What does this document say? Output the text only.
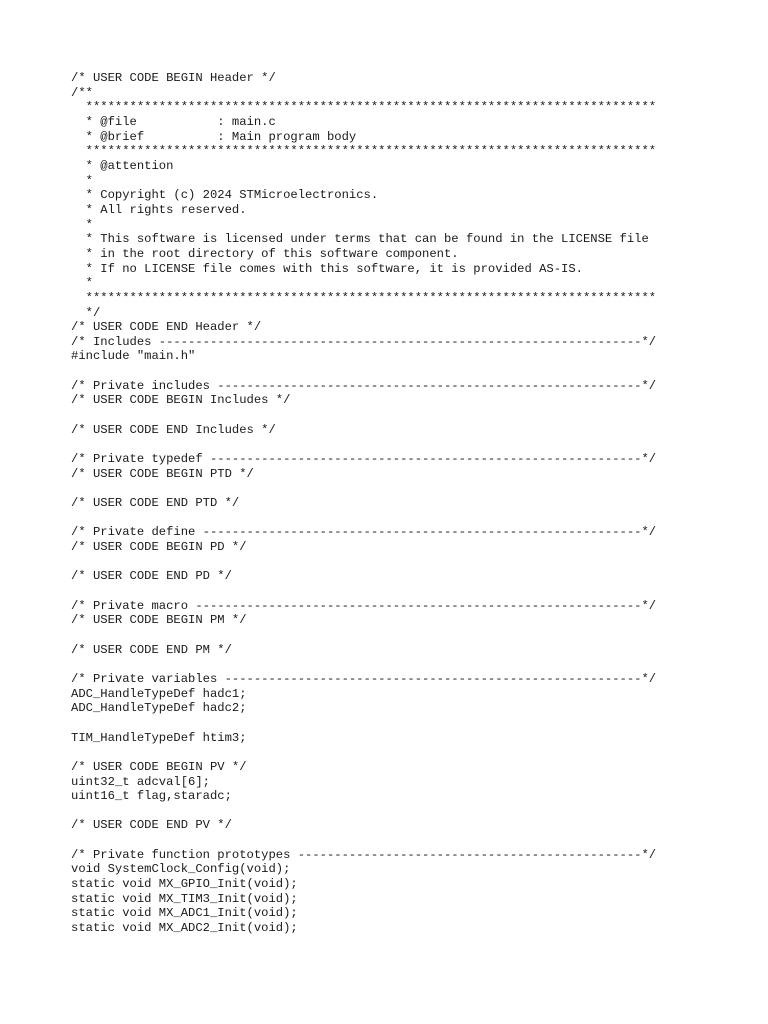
/* USER CODE BEGIN Header */
/**
******************************************************************************
* @file           : main.c
* @brief          : Main program body
******************************************************************************
* @attention
*
* Copyright (c) 2024 STMicroelectronics.
* All rights reserved.
*
* This software is licensed under terms that can be found in the LICENSE file
* in the root directory of this software component.
* If no LICENSE file comes with this software, it is provided AS-IS.
*
******************************************************************************
*/
/* USER CODE END Header */
/* Includes ------------------------------------------------------------------*/
#include "main.h"
/* Private includes ----------------------------------------------------------*/
/* USER CODE BEGIN Includes */
/* USER CODE END Includes */
/* Private typedef -----------------------------------------------------------*/
/* USER CODE BEGIN PTD */
/* USER CODE END PTD */
/* Private define ------------------------------------------------------------*/
/* USER CODE BEGIN PD */
/* USER CODE END PD */
/* Private macro -------------------------------------------------------------*/
/* USER CODE BEGIN PM */
/* USER CODE END PM */
/* Private variables ---------------------------------------------------------*/
ADC_HandleTypeDef hadc1;
ADC_HandleTypeDef hadc2;
TIM_HandleTypeDef htim3;
/* USER CODE BEGIN PV */
uint32_t adcval[6];
uint16_t flag,staradc;
/* USER CODE END PV */
/* Private function prototypes -----------------------------------------------*/
void SystemClock_Config(void);
static void MX_GPIO_Init(void);
static void MX_TIM3_Init(void);
static void MX_ADC1_Init(void);
static void MX_ADC2_Init(void);
